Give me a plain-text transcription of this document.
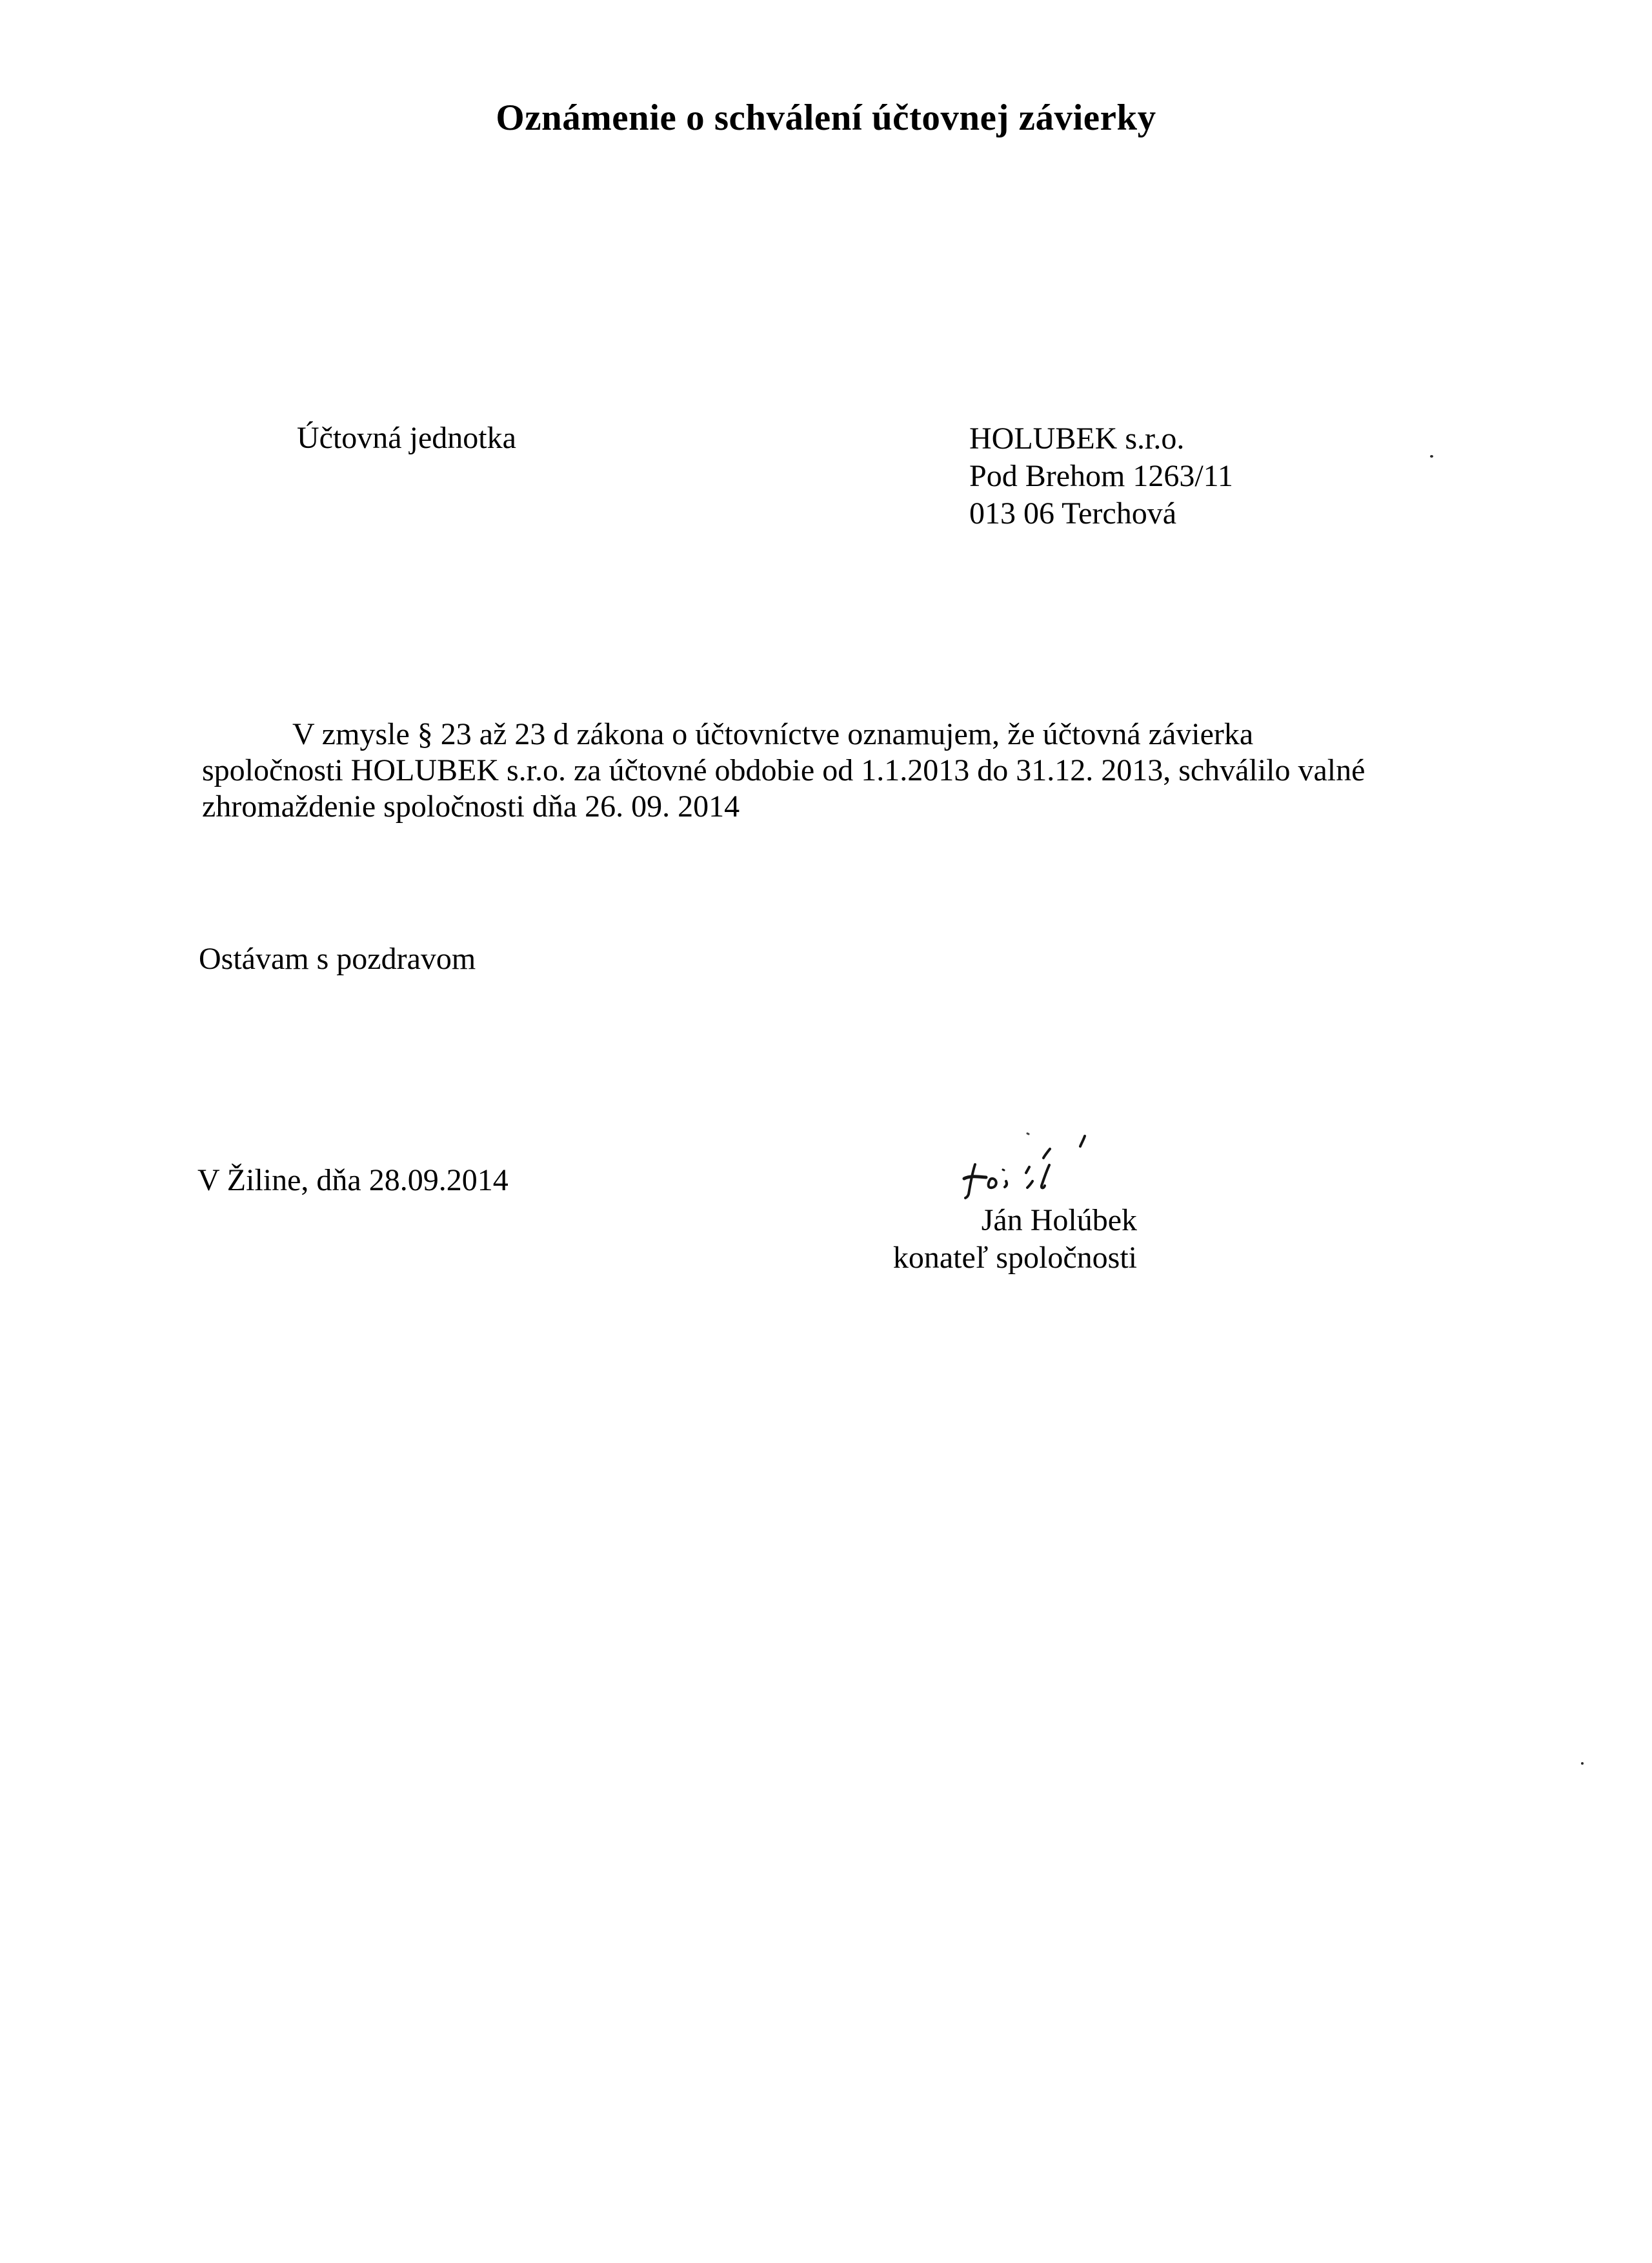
Oznámenie o schválení účtovnej závierky
Účtovná jednotka	HOLUBEK s.r.o.
Pod Brehom 1263/11
013 06 Terchová
V zmysle § 23 až 23 d zákona o účtovníctve oznamujem, že účtovná závierka
spoločnosti HOLUBEK s.r.o. za účtovné obdobie od 1.1.2013 do 31.12. 2013, schválilo valné
zhromaždenie spoločnosti dňa 26. 09. 2014
Ostávam s pozdravom
V Žiline, dňa 28.09.2014
Ján Holúbek
konateľ spoločnosti
